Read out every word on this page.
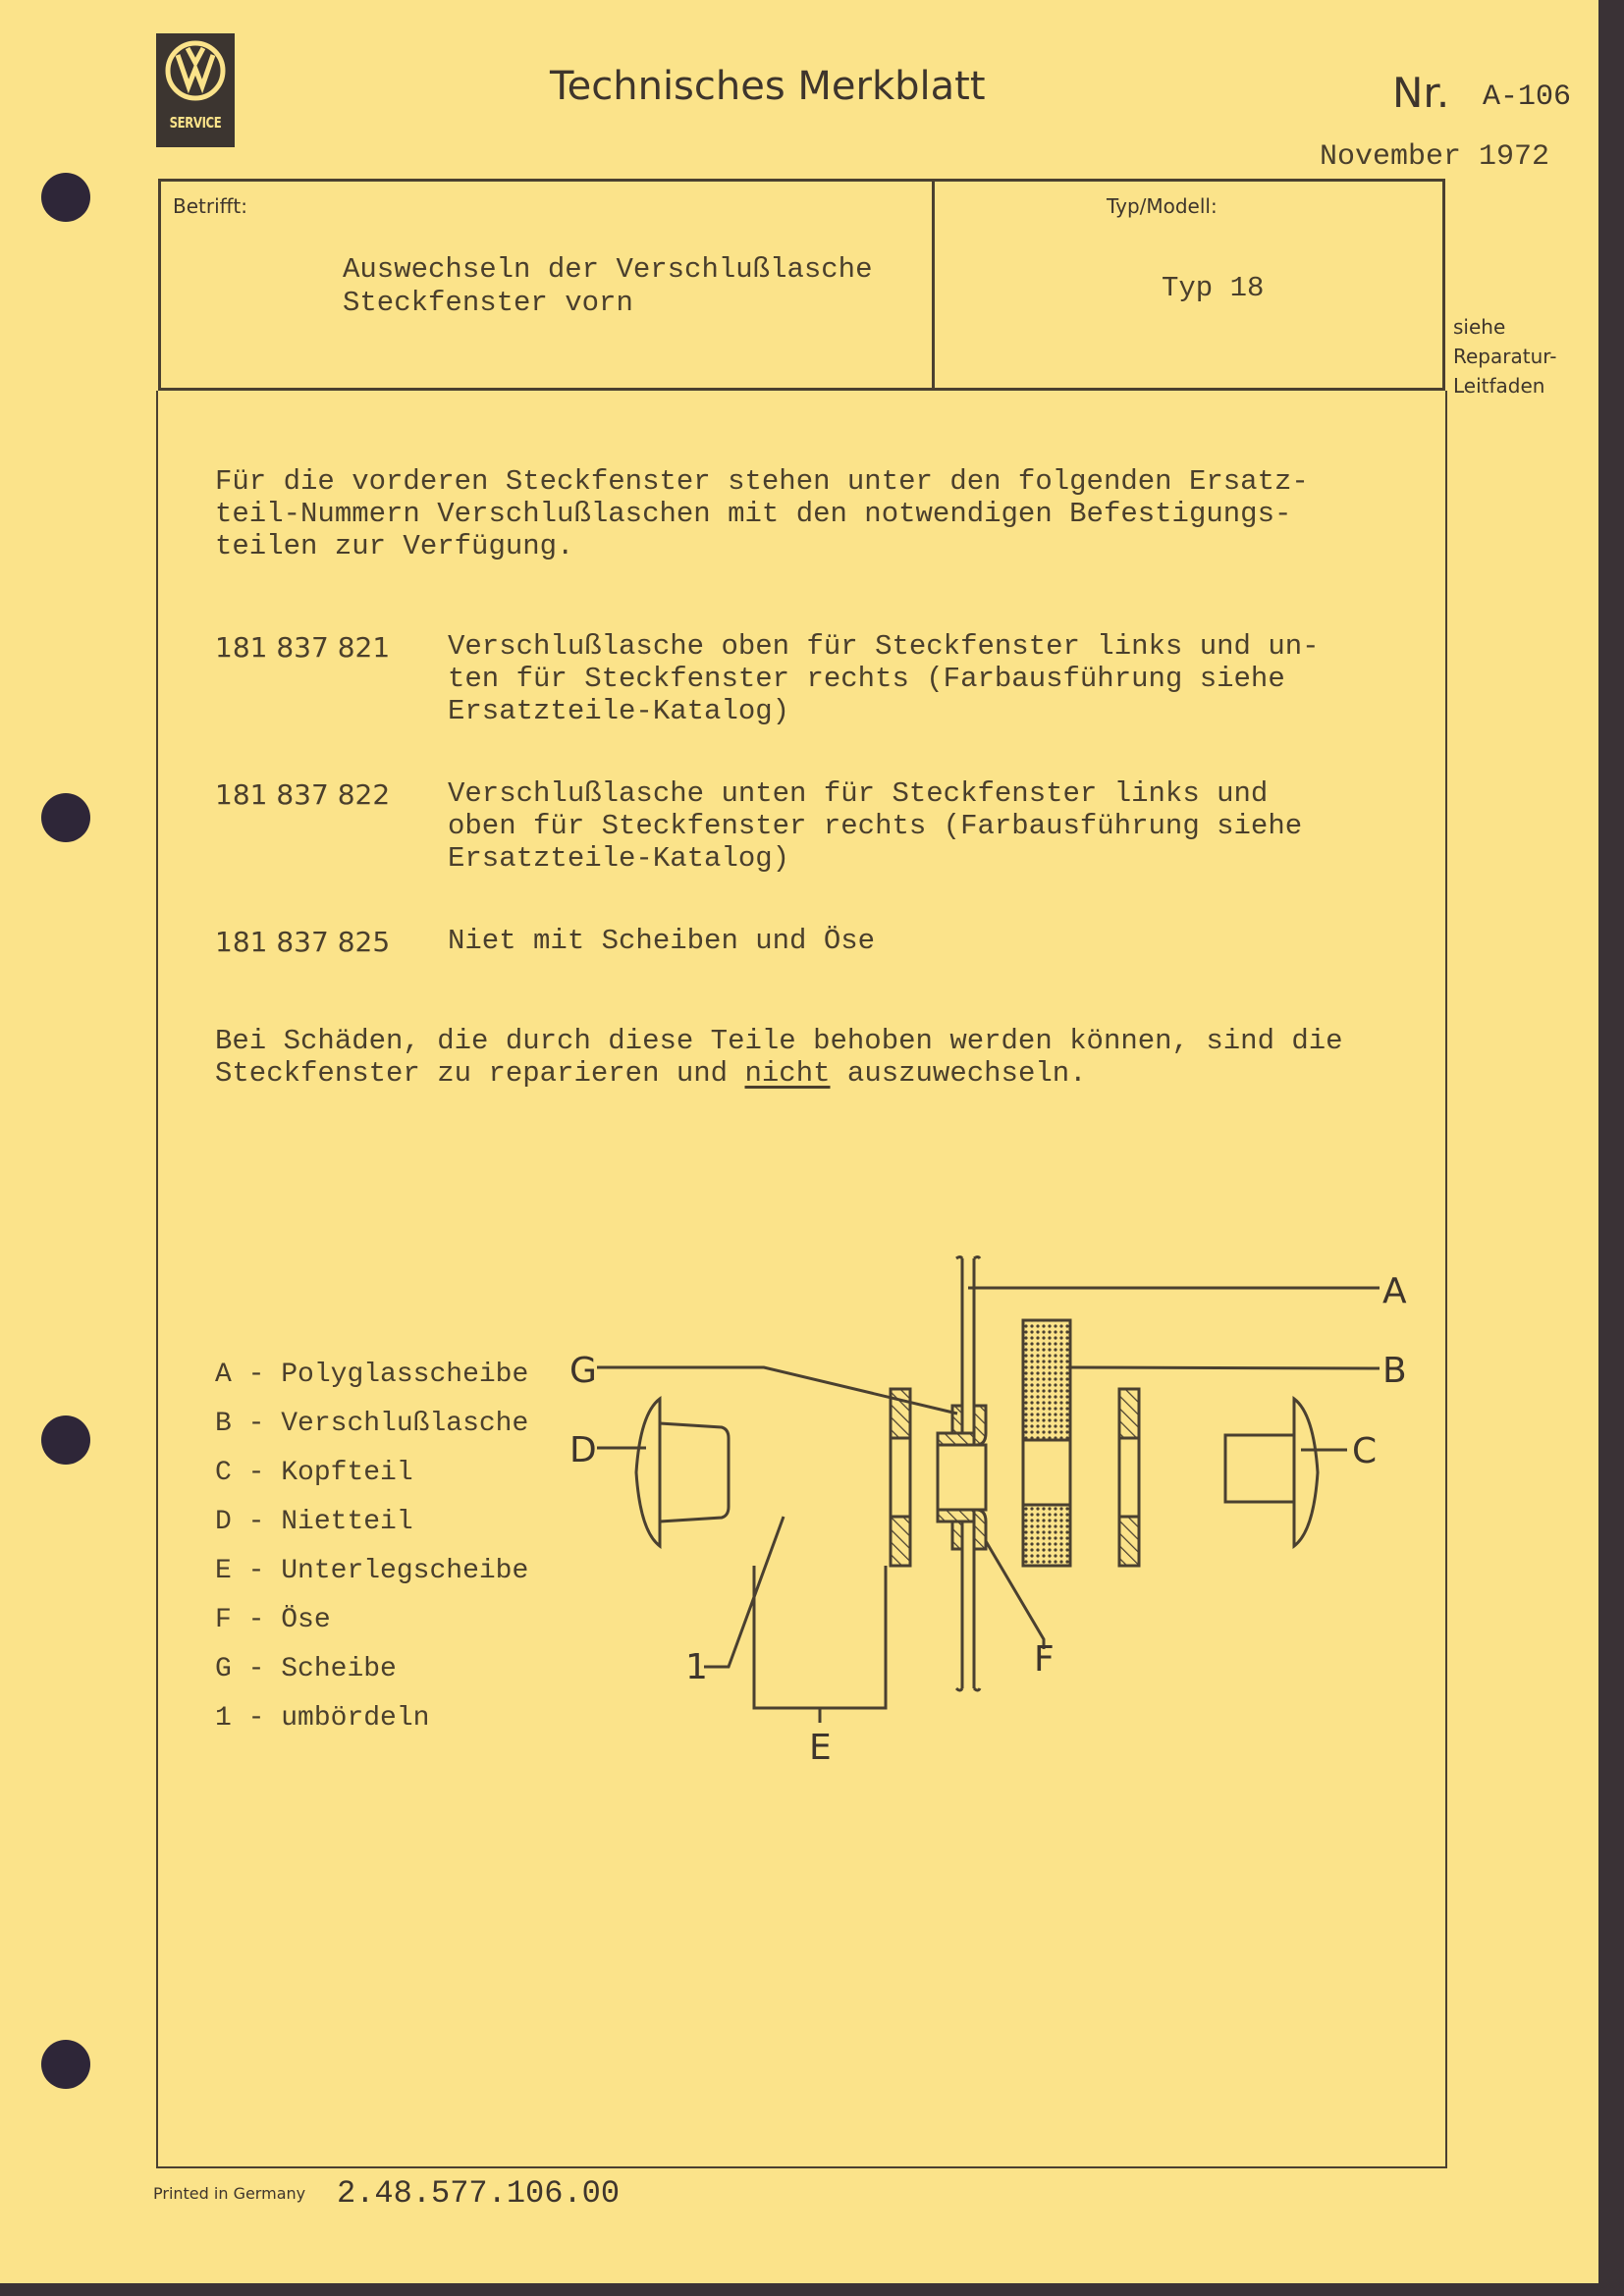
SERVICE
Technisches Merkblatt	Nr. A-106
November 1972
Betrifft:
Auswechseln der Verschlußlasche
Steckfenster vorn
Typ/Modell:
Typ 18
siehe
Reparatur-
Leitfaden
Für die vorderen Steckfenster stehen unter den folgenden Ersatz-
teil-Nummern Verschlußlaschen mit den notwendigen Befestigungs-
teilen zur Verfügung.
181 837 821 Verschlußlasche oben für Steckfenster links und un-
ten für Steckfenster rechts (Farbausführung siehe
Ersatzteile-Katalog)
181 837 822 Verschlußlasche unten für Steckfenster links und
oben für Steckfenster rechts (Farbausführung siehe
Ersatzteile-Katalog)
181 837 825 Niet mit Scheiben und Öse
Bei Schäden, die durch diese Teile behoben werden können, sind die
Steckfenster zu reparieren und nicht auszuwechseln.
A - Polyglasscheibe
B - Verschlußlasche
C - Kopfteil
D - Nietteil
E - Unterlegscheibe
F - Öse
G - Scheibe
1 - umbördeln
A
B
C
D
E
F
G
1
Printed in Germany 2.48.577.106.00
